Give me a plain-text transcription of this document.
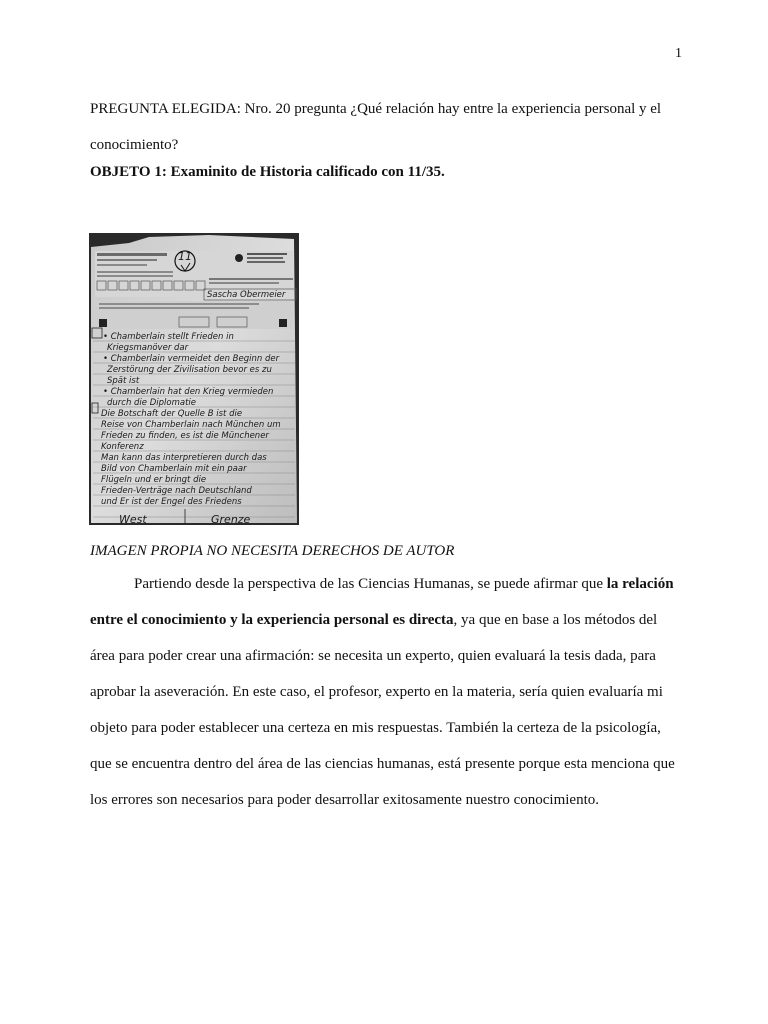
1

PREGUNTA ELEGIDA: Nro. 20 pregunta ¿Qué relación hay entre la experiencia personal y el conocimiento?

OBJETO 1: Examinito de Historia calificado con 11/35.

11
Sascha Obermeier
• Chamberlain stellt Frieden in
Kriegsmanöver dar
• Chamberlain vermeidet den Beginn der
Zerstörung der Zivilisation bevor es zu
Spät ist
• Chamberlain hat den Krieg vermieden
durch die Diplomatie
Die Botschaft der Quelle B ist die
Reise von Chamberlain nach München um
Frieden zu finden, es ist die Münchener
Konferenz
Man kann das interpretieren durch das
Bild von Chamberlain mit ein paar
Flügeln und er bringt die
Frieden-Verträge nach Deutschland
und Er ist der Engel des Friedens
West	Grenze

IMAGEN PROPIA NO NECESITA DERECHOS DE AUTOR

Partiendo desde la perspectiva de las Ciencias Humanas, se puede afirmar que la relación entre el conocimiento y la experiencia personal es directa, ya que en base a los métodos del área para poder crear una afirmación: se necesita un experto, quien evaluará la tesis dada, para aprobar la aseveración. En este caso, el profesor, experto en la materia, sería quien evaluaría mi objeto para poder establecer una certeza en mis respuestas. También la certeza de la psicología, que se encuentra dentro del área de las ciencias humanas, está presente porque esta menciona que los errores son necesarios para poder desarrollar exitosamente nuestro conocimiento.
